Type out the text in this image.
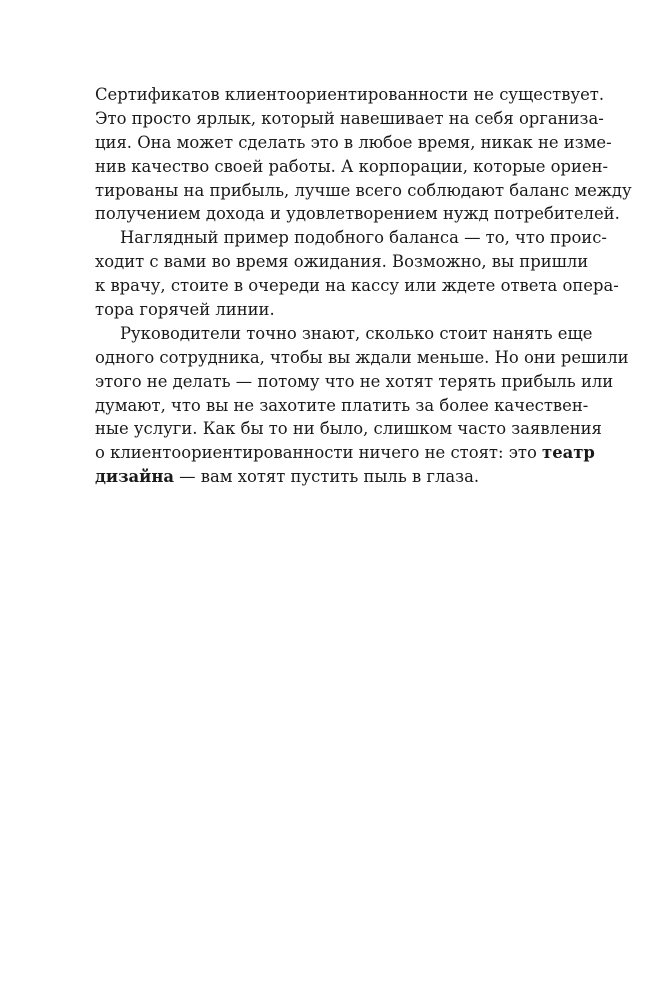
Сертификатов клиентоориентированности не существует.
Это просто ярлык, который навешивает на себя организа-
ция. Она может сделать это в любое время, никак не изме-
нив качество своей работы. А корпорации, которые ориен-
тированы на прибыль, лучше всего соблюдают баланс между
получением дохода и удовлетворением нужд потребителей.
Наглядный пример подобного баланса — то, что проис-
ходит с вами во время ожидания. Возможно, вы пришли
к врачу, стоите в очереди на кассу или ждете ответа опера-
тора горячей линии.
Руководители точно знают, сколько стоит нанять еще
одного сотрудника, чтобы вы ждали меньше. Но они решили
этого не делать — потому что не хотят терять прибыль или
думают, что вы не захотите платить за более качествен-
ные услуги. Как бы то ни было, слишком часто заявления
о клиентоориентированности ничего не стоят: это театр
дизайна — вам хотят пустить пыль в глаза.
